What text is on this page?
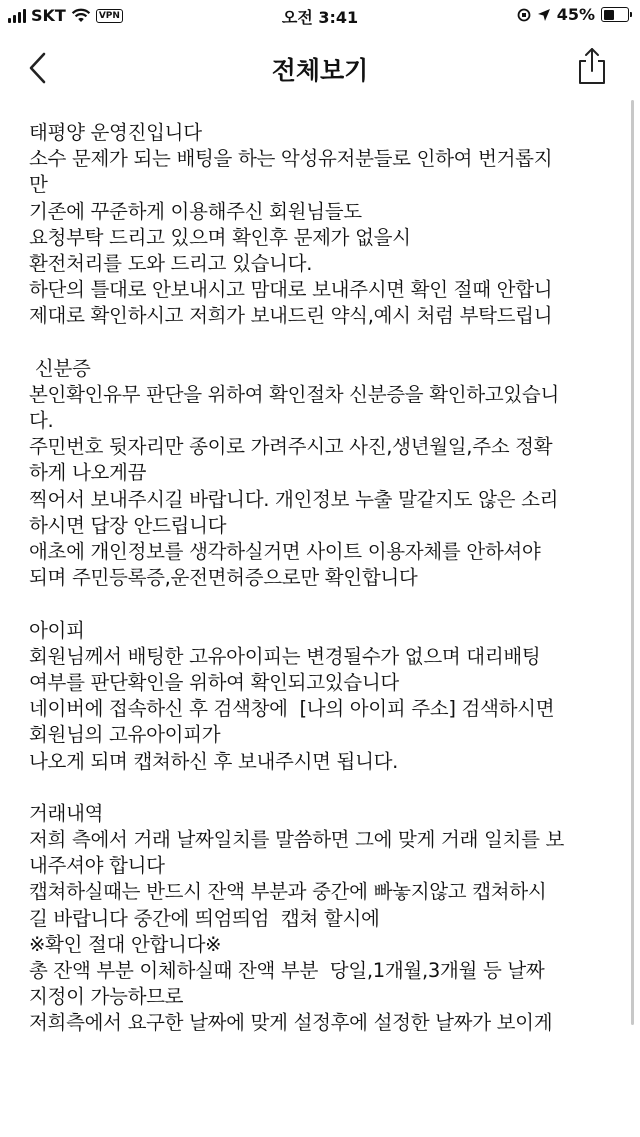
SKT	VPN	오전 3:41	45%
전체보기
태평양 운영진입니다
소수 문제가 되는 배팅을 하는 악성유저분들로 인하여 번거롭지
만
기존에 꾸준하게 이용해주신 회원님들도
요청부탁 드리고 있으며 확인후 문제가 없을시
환전처리를 도와 드리고 있습니다.
하단의 틀대로 안보내시고 맘대로 보내주시면 확인 절때 안합니
제대로 확인하시고 저희가 보내드린 약식,예시 처럼 부탁드립니
신분증
본인확인유무 판단을 위하여 확인절차 신분증을 확인하고있습니
다.
주민번호 뒷자리만 종이로 가려주시고 사진,생년월일,주소 정확
하게 나오게끔
찍어서 보내주시길 바랍니다. 개인정보 누출 말같지도 않은 소리
하시면 답장 안드립니다
애초에 개인정보를 생각하실거면 사이트 이용자체를 안하셔야
되며 주민등록증,운전면허증으로만 확인합니다
아이피
회원님께서 배팅한 고유아이피는 변경될수가 없으며 대리배팅
여부를 판단확인을 위하여 확인되고있습니다
네이버에 접속하신 후 검색창에  [나의 아이피 주소] 검색하시면
회원님의 고유아이피가
나오게 되며 캡쳐하신 후 보내주시면 됩니다.
거래내역
저희 측에서 거래 날짜일치를 말씀하면 그에 맞게 거래 일치를 보
내주셔야 합니다
캡쳐하실때는 반드시 잔액 부분과 중간에 빠놓지않고 캡쳐하시
길 바랍니다 중간에 띄엄띄엄  캡쳐 할시에
※확인 절대 안합니다※
총 잔액 부분 이체하실때 잔액 부분  당일,1개월,3개월 등 날짜
지정이 가능하므로
저희측에서 요구한 날짜에 맞게 설정후에 설정한 날짜가 보이게
